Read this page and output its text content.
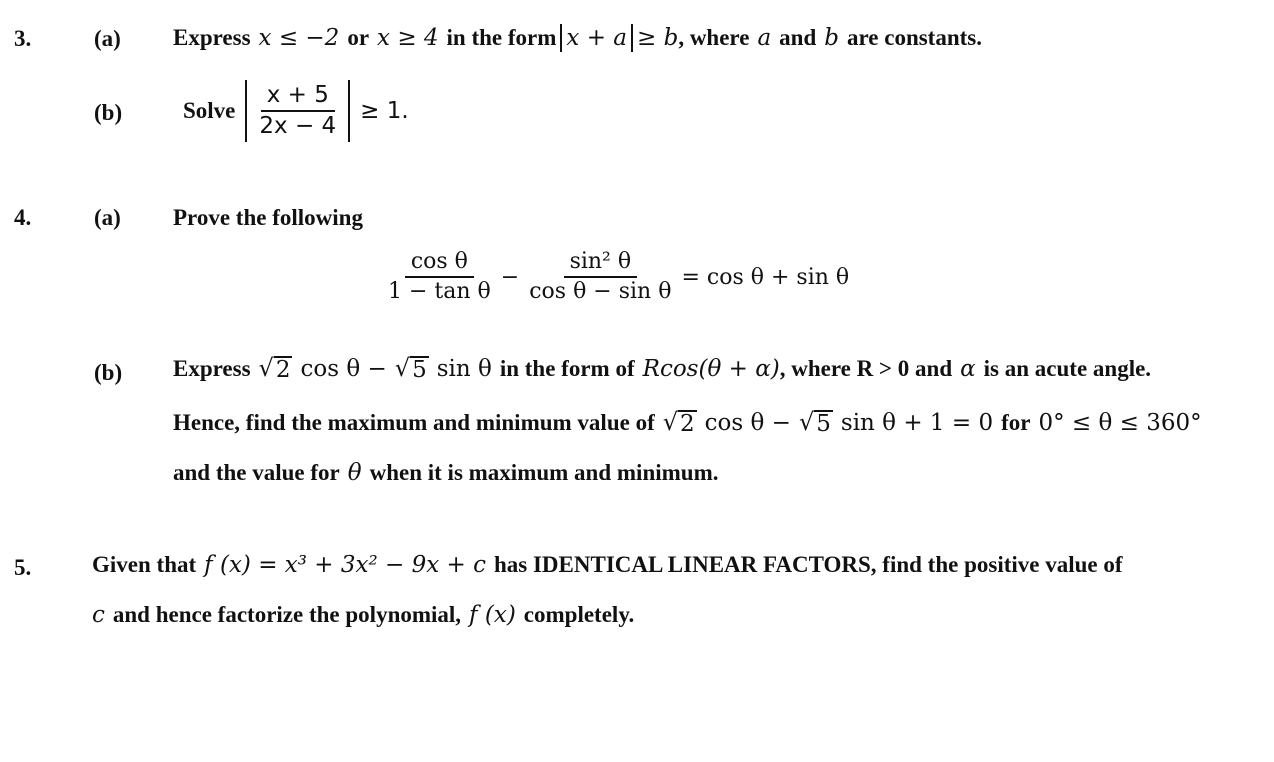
3.	(a) Express x ≤ −2 or x ≥ 4 in the form x + a ≥ b , where a and b are constants.
(b)	Solve $\frac{x + 5}{2x - 4} \ge 1$.
4.	(a) Prove the following
$\frac{\text{cos θ}}{\text{1 − tan θ}} - \frac{\text{sin² θ}}{\text{cos θ − sin θ}} = \cos \theta + \sin \theta$
(b) Express √ 2 cos θ − √ 5 sin θ in the form of Rcos(θ + α) , where R > 0 and α is an acute angle.
Hence, find the maximum and minimum value of √ 2 cos θ − √ 5 sin θ + 1 = 0 for 0° ≤ θ ≤ 360°
and the value for θ when it is maximum and minimum.
5.	Given that f (x) = x³ + 3x² − 9x + c has IDENTICAL LINEAR FACTORS, find the positive value of
c and hence factorize the polynomial, f (x) completely.
